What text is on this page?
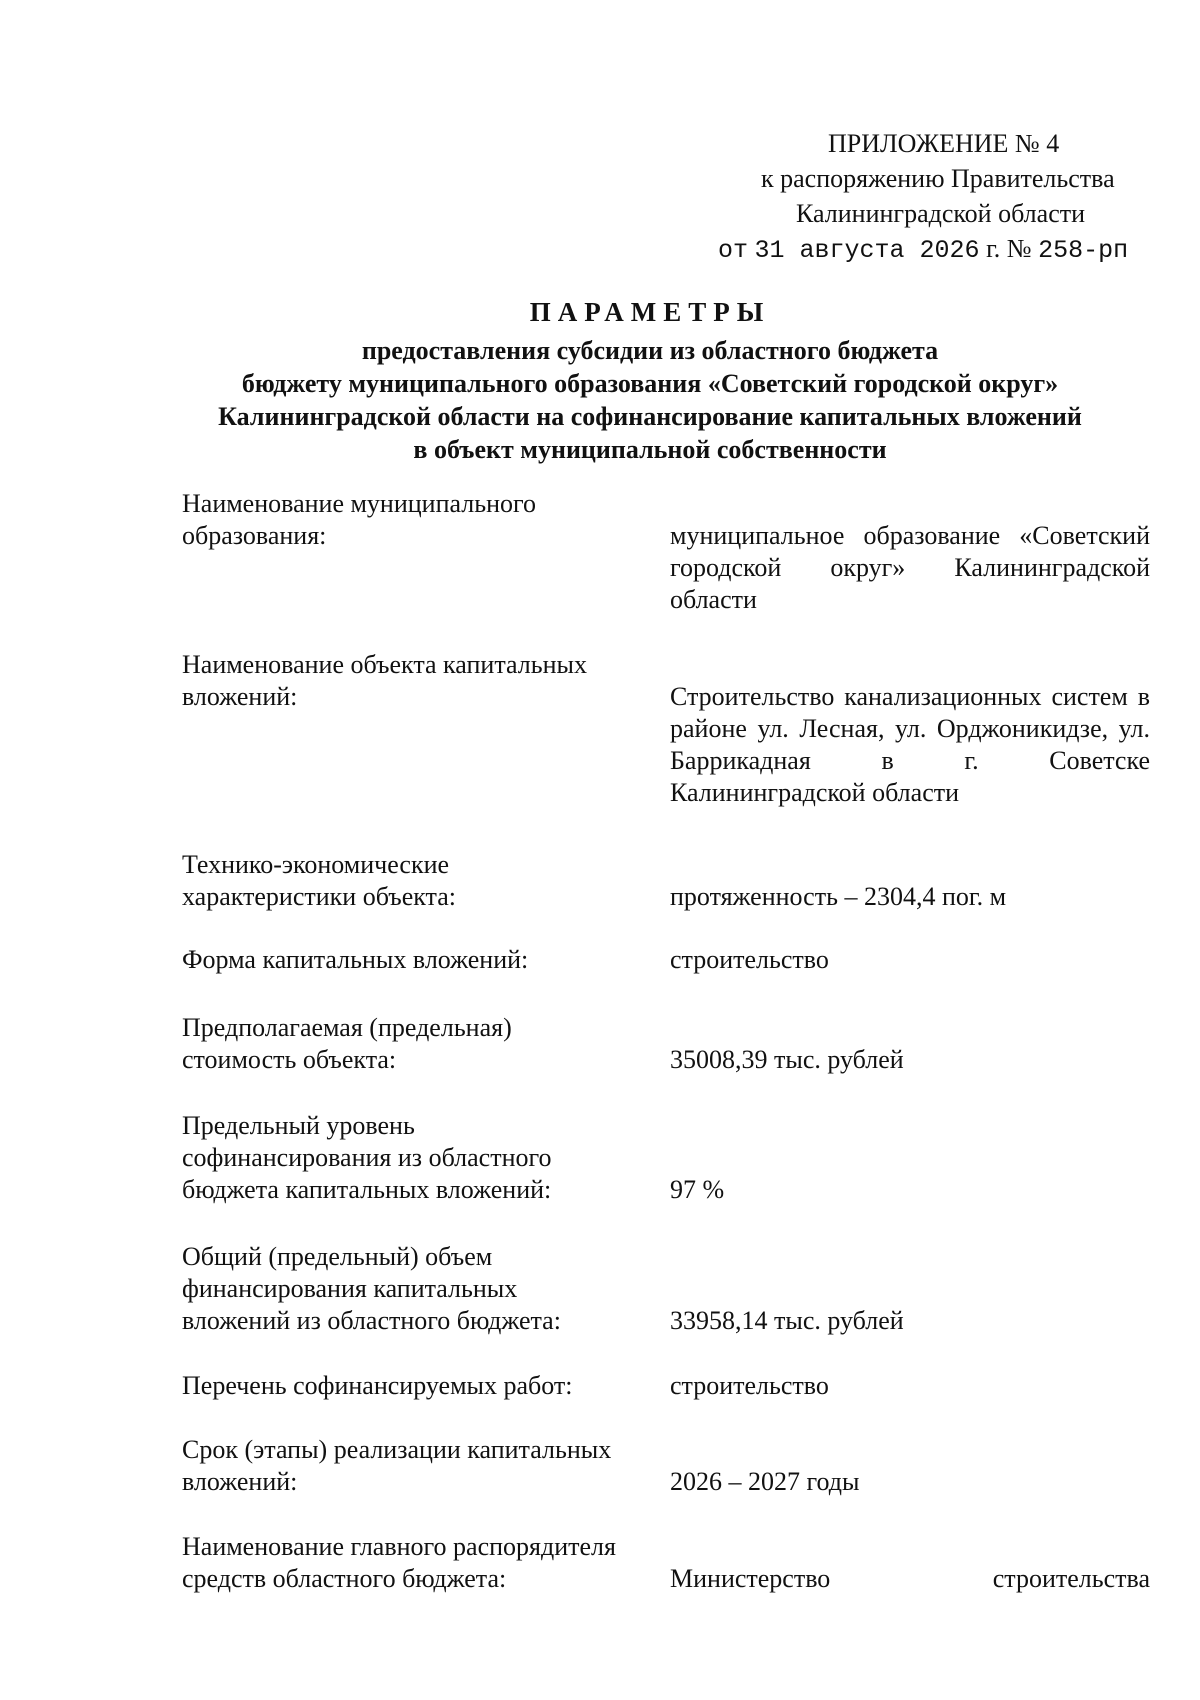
ПРИЛОЖЕНИЕ № 4
к распоряжению Правительства
Калининградской области
от 31 августа 2026 г. № 258-рп
ПАРАМЕТРЫ
предоставления субсидии из областного бюджета
бюджету муниципального образования «Советский городской округ»
Калининградской области на софинансирование капитальных вложений
в объект муниципальной собственности
Наименование муниципального
образования:	муниципальное образование «Советский городской округ» Калининградской области
Наименование объекта капитальных
вложений:	Строительство канализационных систем в районе ул. Лесная, ул. Орджоникидзе, ул. Баррикадная в г. Советске Калининградской области
Технико-экономические
характеристики объекта:	протяженность – 2304,4 пог. м
Форма капитальных вложений:	строительство
Предполагаемая (предельная)
стоимость объекта:	35008,39 тыс. рублей
Предельный уровень
софинансирования из областного
бюджета капитальных вложений:	97 %
Общий (предельный) объем
финансирования капитальных
вложений из областного бюджета:	33958,14 тыс. рублей
Перечень софинансируемых работ:	строительство
Срок (этапы) реализации капитальных
вложений:	2026 – 2027 годы
Наименование главного распорядителя
средств областного бюджета:	Министерство строительства
